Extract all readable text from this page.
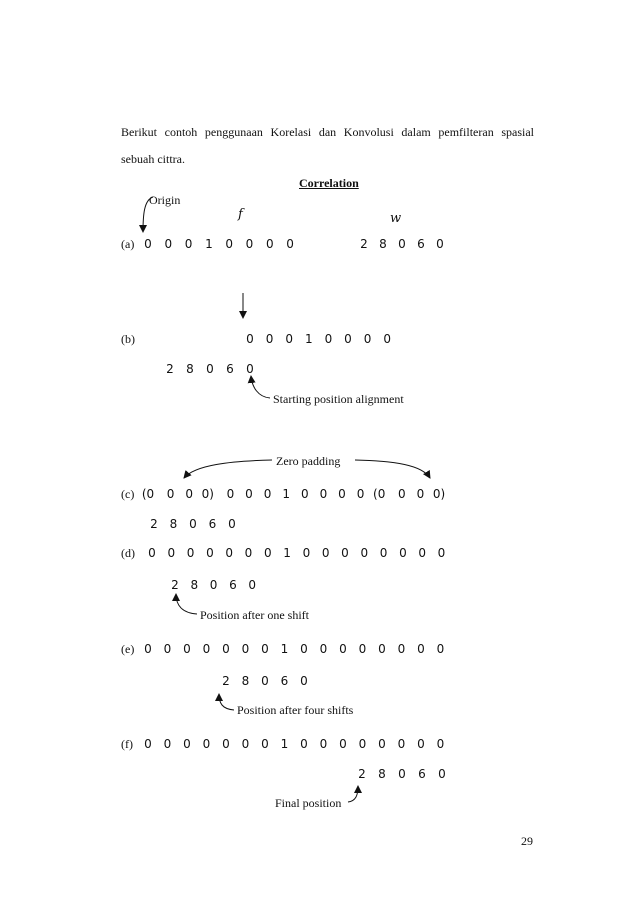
Berikut contoh penggunaan Korelasi dan Konvolusi dalam pemfilteran spasial
sebuah cittra.
Correlation
Origin
f	w
(a)
(b)
(c)
(d)
(e)
(f)
0 0 0 1 0 0 0 0	2 8 0 6 0
0 0 0 1 0 0 0 0
2 8 0 6 0
(0	0 0 0)	0 0 0 1 0 0 0 0 (0	0 0 0)
2 8 0 6 0
0 0 0 0 0 0 0 1 0 0 0 0 0 0 0 0
2 8 0 6 0
0 0 0 0 0 0 0 1 0 0 0 0 0 0 0 0
2 8 0 6 0
0 0 0 0 0 0 0 1 0 0 0 0 0 0 0 0
2 8 0 6 0
Starting position alignment
Zero padding
Position after one shift
Position after four shifts
Final position
29
